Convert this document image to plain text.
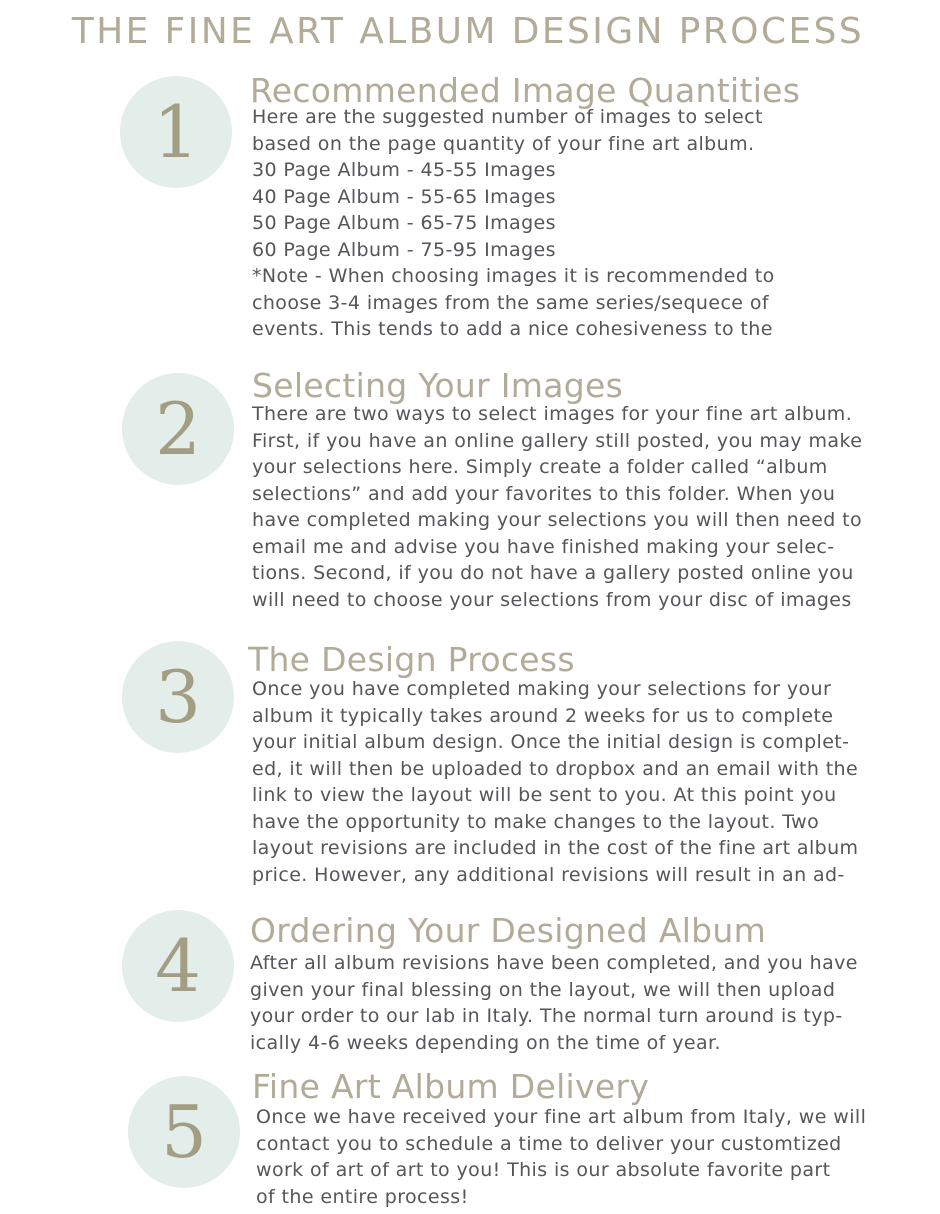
THE FINE ART ALBUM DESIGN PROCESS
1	Recommended Image Quantities
Here are the suggested number of images to select
based on the page quantity of your fine art album.
30 Page Album - 45-55 Images
40 Page Album - 55-65 Images
50 Page Album - 65-75 Images
60 Page Album - 75-95 Images
*Note - When choosing images it is recommended to
choose 3-4 images from the same series/sequece of
events. This tends to add a nice cohesiveness to the
2
Selecting Your Images
There are two ways to select images for your fine art album.
First, if you have an online gallery still posted, you may make
your selections here. Simply create a folder called “album
selections” and add your favorites to this folder. When you
have completed making your selections you will then need to
email me and advise you have finished making your selec-
tions. Second, if you do not have a gallery posted online you
will need to choose your selections from your disc of images
3	The Design Process
Once you have completed making your selections for your
album it typically takes around 2 weeks for us to complete
your initial album design. Once the initial design is complet-
ed, it will then be uploaded to dropbox and an email with the
link to view the layout will be sent to you. At this point you
have the opportunity to make changes to the layout. Two
layout revisions are included in the cost of the fine art album
price. However, any additional revisions will result in an ad-
4	Ordering Your Designed Album
After all album revisions have been completed, and you have
given your final blessing on the layout, we will then upload
your order to our lab in Italy. The normal turn around is typ-
ically 4-6 weeks depending on the time of year.
5
Fine Art Album Delivery
Once we have received your fine art album from Italy, we will
contact you to schedule a time to deliver your customtized
work of art of art to you! This is our absolute favorite part
of the entire process!
